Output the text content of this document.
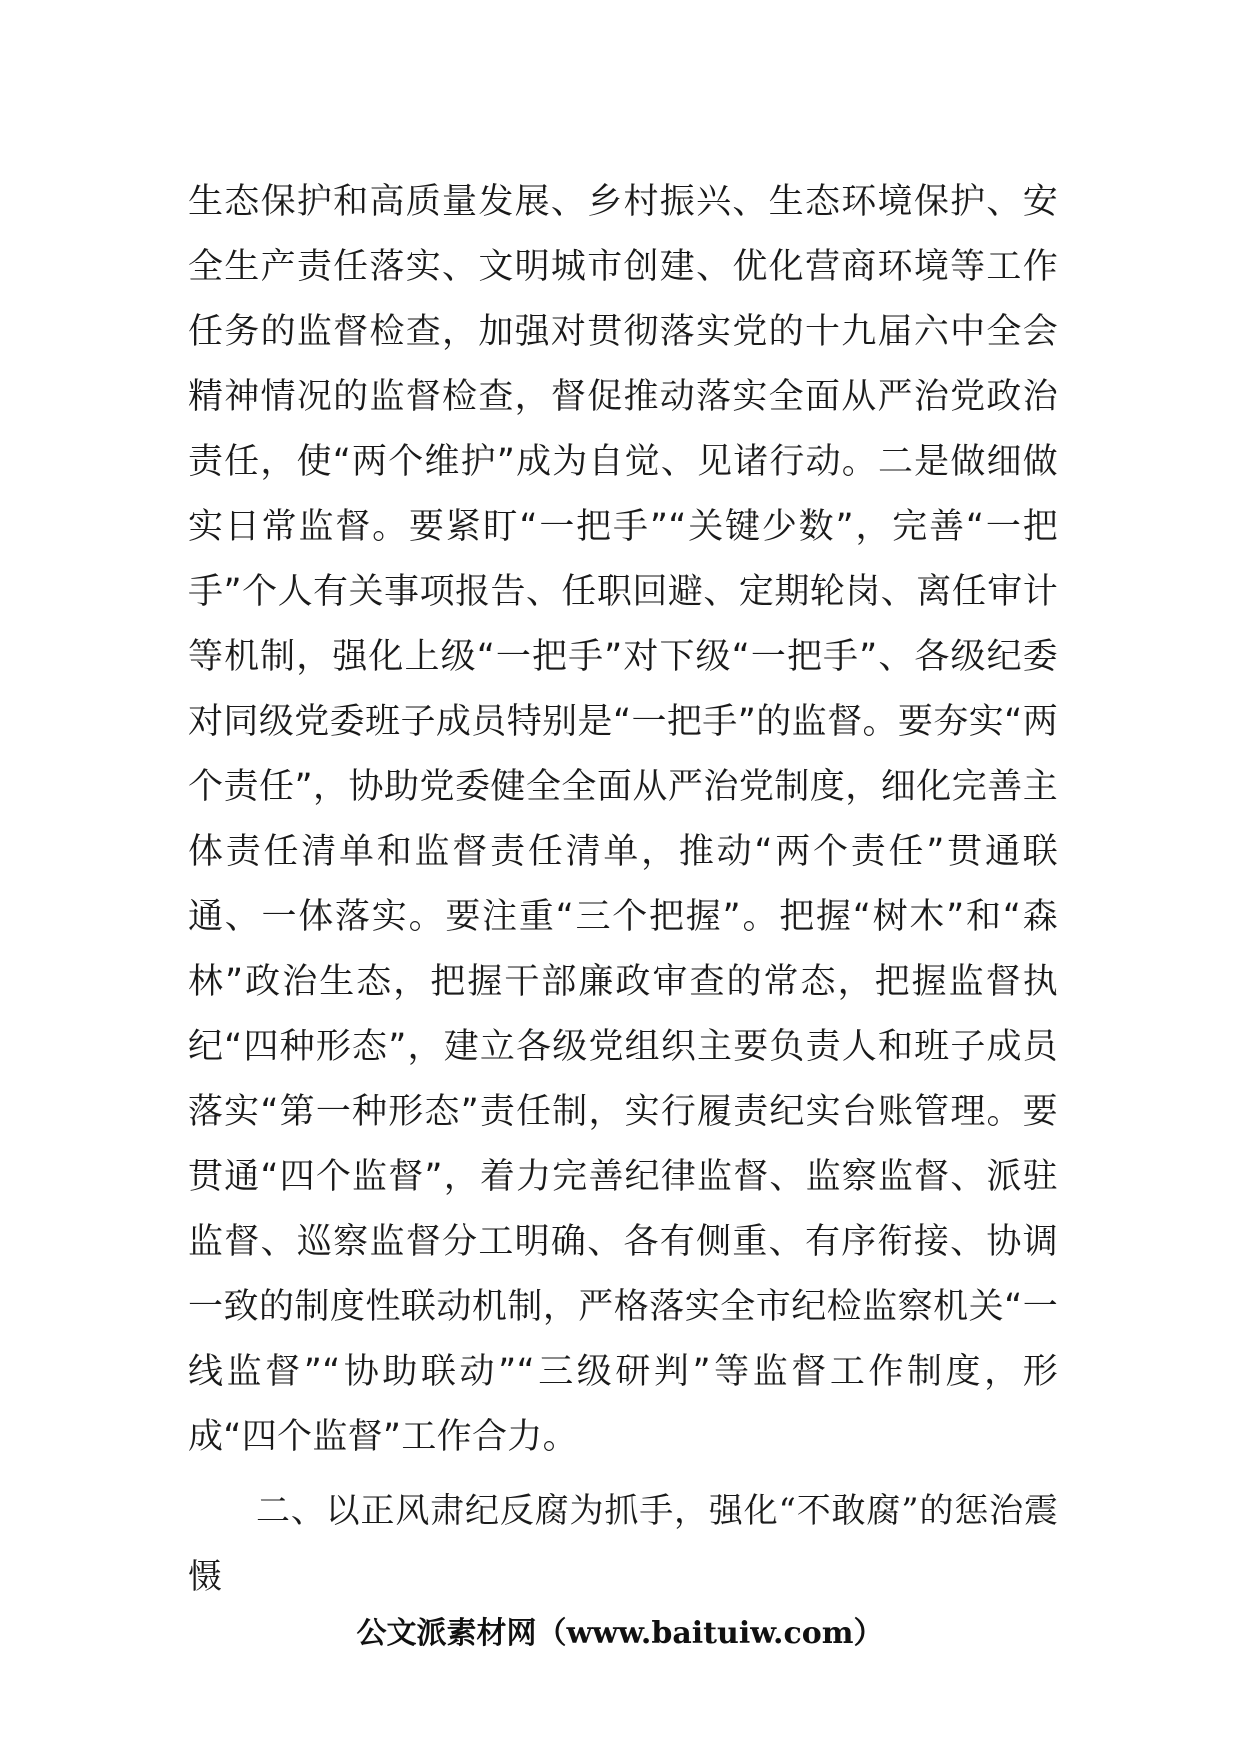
生态保护和高质量发展、乡村振兴、生态环境保护、安全生产责任落实、文明城市创建、优化营商环境等工作任务的监督检查，加强对贯彻落实党的十九届六中全会精神情况的监督检查，督促推动落实全面从严治党政治责任，使“两个维护”成为自觉、见诸行动。二是做细做实日常监督。要紧盯“一把手”“关键少数”，完善“一把手”个人有关事项报告、任职回避、定期轮岗、离任审计等机制，强化上级“一把手”对下级“一把手”、各级纪委对同级党委班子成员特别是“一把手”的监督。要夯实“两个责任”，协助党委健全全面从严治党制度，细化完善主体责任清单和监督责任清单，推动“两个责任”贯通联通、一体落实。要注重“三个把握”。把握“树木”和“森林”政治生态，把握干部廉政审查的常态，把握监督执纪“四种形态”，建立各级党组织主要负责人和班子成员落实“第一种形态”责任制，实行履责纪实台账管理。要贯通“四个监督”，着力完善纪律监督、监察监督、派驻监督、巡察监督分工明确、各有侧重、有序衔接、协调一致的制度性联动机制，严格落实全市纪检监察机关“一线监督”“协助联动”“三级研判”等监督工作制度，形成“四个监督”工作合力。

二、以正风肃纪反腐为抓手，强化“不敢腐”的惩治震慑

公文派素材网（www.baituiw.com）
